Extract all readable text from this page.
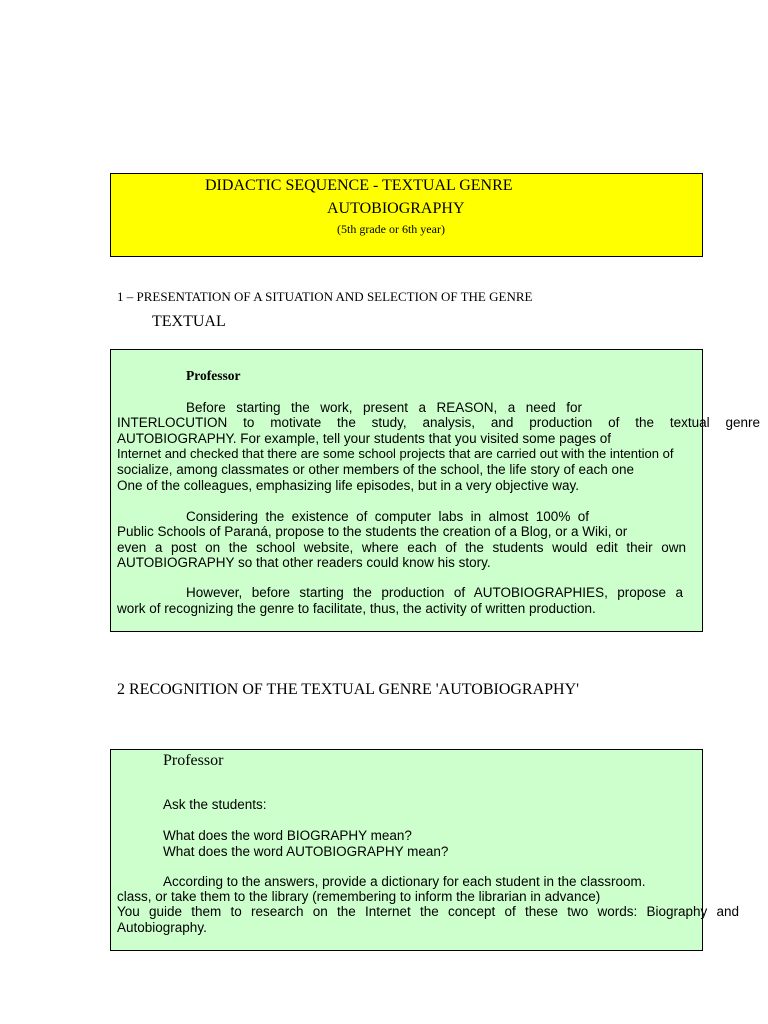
DIDACTIC SEQUENCE - TEXTUAL GENRE
AUTOBIOGRAPHY
(5th grade or 6th year)
1 – PRESENTATION OF A SITUATION AND SELECTION OF THE GENRE
TEXTUAL
Professor
Before starting the work, present a REASON, a need for
INTERLOCUTION to motivate the study, analysis, and production of the textual genre
AUTOBIOGRAPHY. For example, tell your students that you visited some pages of
Internet and checked that there are some school projects that are carried out with the intention of
socialize, among classmates or other members of the school, the life story of each one
One of the colleagues, emphasizing life episodes, but in a very objective way.
Considering the existence of computer labs in almost 100% of
Public Schools of Paraná, propose to the students the creation of a Blog, or a Wiki, or
even a post on the school website, where each of the students would edit their own
AUTOBIOGRAPHY so that other readers could know his story.
However, before starting the production of AUTOBIOGRAPHIES, propose a
work of recognizing the genre to facilitate, thus, the activity of written production.
2 RECOGNITION OF THE TEXTUAL GENRE 'AUTOBIOGRAPHY'
Professor
Ask the students:
What does the word BIOGRAPHY mean?
What does the word AUTOBIOGRAPHY mean?
According to the answers, provide a dictionary for each student in the classroom.
class, or take them to the library (remembering to inform the librarian in advance)
You guide them to research on the Internet the concept of these two words: Biography and
Autobiography.
